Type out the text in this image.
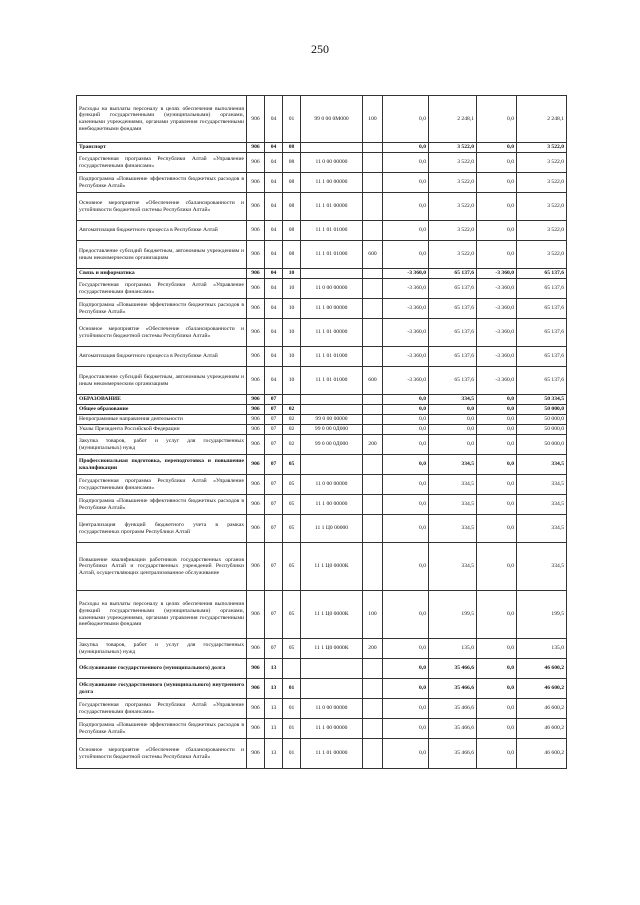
250
Расходы на выплаты персоналу в целях обеспечения выполнения функций государственными (муниципальными) органами, казенными учреждениями, органами управления государственными внебюджетными фондами	906	04	01	99 0 00 0М000	100	0,0	2 248,1	0,0	2 248,1
Транспорт	906	04	08			0,0	3 522,0	0,0	3 522,0
Государственная программа Республики Алтай «Управление государственными финансами»	906	04	08	11 0 00 00000		0,0	3 522,0	0,0	3 522,0
Подпрограмма «Повышение эффективности бюджетных расходов в Республике Алтай»	906	04	08	11 1 00 00000		0,0	3 522,0	0,0	3 522,0
Основное мероприятие «Обеспечение сбалансированности и устойчивости бюджетной системы Республики Алтай»	906	04	08	11 1 01 00000		0,0	3 522,0	0,0	3 522,0
Автоматизация бюджетного процесса в Республике Алтай	906	04	08	11 1 01 01000		0,0	3 522,0	0,0	3 522,0
Предоставление субсидий бюджетным, автономным учреждениям и иным некоммерческим организациям	906	04	08	11 1 01 01000	600	0,0	3 522,0	0,0	3 522,0
Связь и информатика	906	04	10			-3 360,0	65 137,6	-3 360,0	65 137,6
Государственная программа Республики Алтай «Управление государственными финансами»	906	04	10	11 0 00 00000		-3 360,0	65 137,6	-3 360,0	65 137,6
Подпрограмма «Повышение эффективности бюджетных расходов в Республике Алтай»	906	04	10	11 1 00 00000		-3 360,0	65 137,6	-3 360,0	65 137,6
Основное мероприятие «Обеспечение сбалансированности и устойчивости бюджетной системы Республики Алтай»	906	04	10	11 1 01 00000		-3 360,0	65 137,6	-3 360,0	65 137,6
Автоматизация бюджетного процесса в Республике Алтай	906	04	10	11 1 01 01000		-3 360,0	65 137,6	-3 360,0	65 137,6
Предоставление субсидий бюджетным, автономным учреждениям и иным некоммерческим организациям	906	04	10	11 1 01 01000	600	-3 360,0	65 137,6	-3 360,0	65 137,6
ОБРАЗОВАНИЕ	906	07				0,0	334,5	0,0	50 334,5
Общее образование	906	07	02			0,0	0,0	0,0	50 000,0
Непрограммные направления деятельности	906	07	02	99 0 00 00000		0,0	0,0	0,0	50 000,0
Указы Президента Российской Федерации	906	07	02	99 0 00 0Д000		0,0	0,0	0,0	50 000,0
Закупка товаров, работ и услуг для государственных (муниципальных) нужд	906	07	02	99 0 00 0Д000	200	0,0	0,0	0,0	50 000,0
Профессиональная подготовка, переподготовка и повышение квалификации	906	07	05			0,0	334,5	0,0	334,5
Государственная программа Республики Алтай «Управление государственными финансами»	906	07	05	11 0 00 00000		0,0	334,5	0,0	334,5
Подпрограмма «Повышение эффективности бюджетных расходов в Республике Алтай»	906	07	05	11 1 00 00000		0,0	334,5	0,0	334,5
Централизация функций бюджетного учета в рамках государственных программ Республики Алтай	906	07	05	11 1 Ц0 00000		0,0	334,5	0,0	334,5
Повышение квалификации работников государственных органов Республики Алтай и государственных учреждений Республики Алтай, осуществляющих централизованное обслуживание	906	07	05	11 1 Ц0 0000К		0,0	334,5	0,0	334,5
Расходы на выплаты персоналу в целях обеспечения выполнения функций государственными (муниципальными) органами, казенными учреждениями, органами управления государственными внебюджетными фондами	906	07	05	11 1 Ц0 0000К	100	0,0	199,5	0,0	199,5
Закупка товаров, работ и услуг для государственных (муниципальных) нужд	906	07	05	11 1 Ц0 0000К	200	0,0	135,0	0,0	135,0
Обслуживание государственного (муниципального) долга	906	13				0,0	35 466,6	0,0	46 600,2
Обслуживание государственного (муниципального) внутреннего долга	906	13	01			0,0	35 466,6	0,0	46 600,2
Государственная программа Республики Алтай «Управление государственными финансами»	906	13	01	11 0 00 00000		0,0	35 466,6	0,0	46 600,2
Подпрограмма «Повышение эффективности бюджетных расходов в Республике Алтай»	906	13	01	11 1 00 00000		0,0	35 466,6	0,0	46 600,2
Основное мероприятие «Обеспечение сбалансированности и устойчивости бюджетной системы Республики Алтай»	906	13	01	11 1 01 00000		0,0	35 466,6	0,0	46 600,2
